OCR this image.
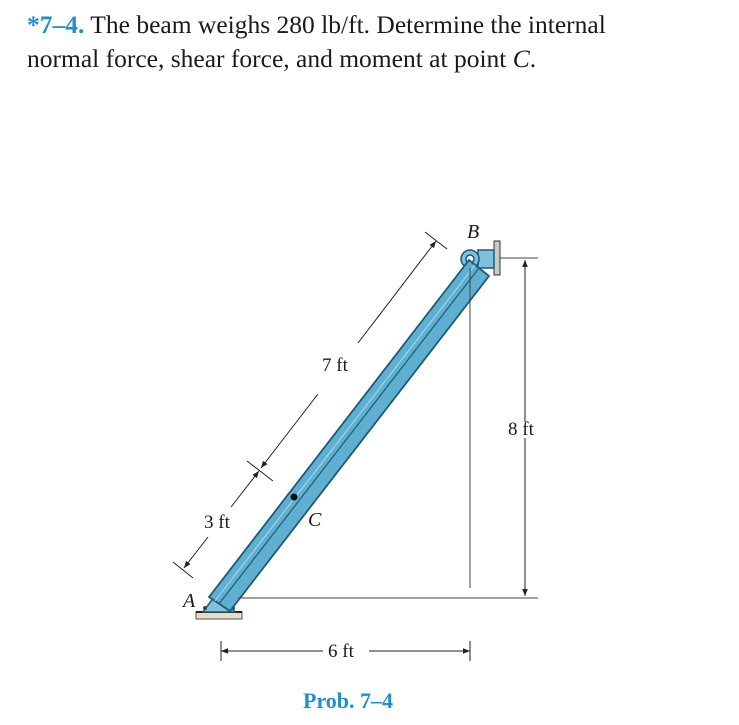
*7–4. The beam weighs 280 lb/ft. Determine the internal
normal force, shear force, and moment at point C.
A
B
C
3 ft
7 ft
8 ft
6 ft
Prob. 7–4
